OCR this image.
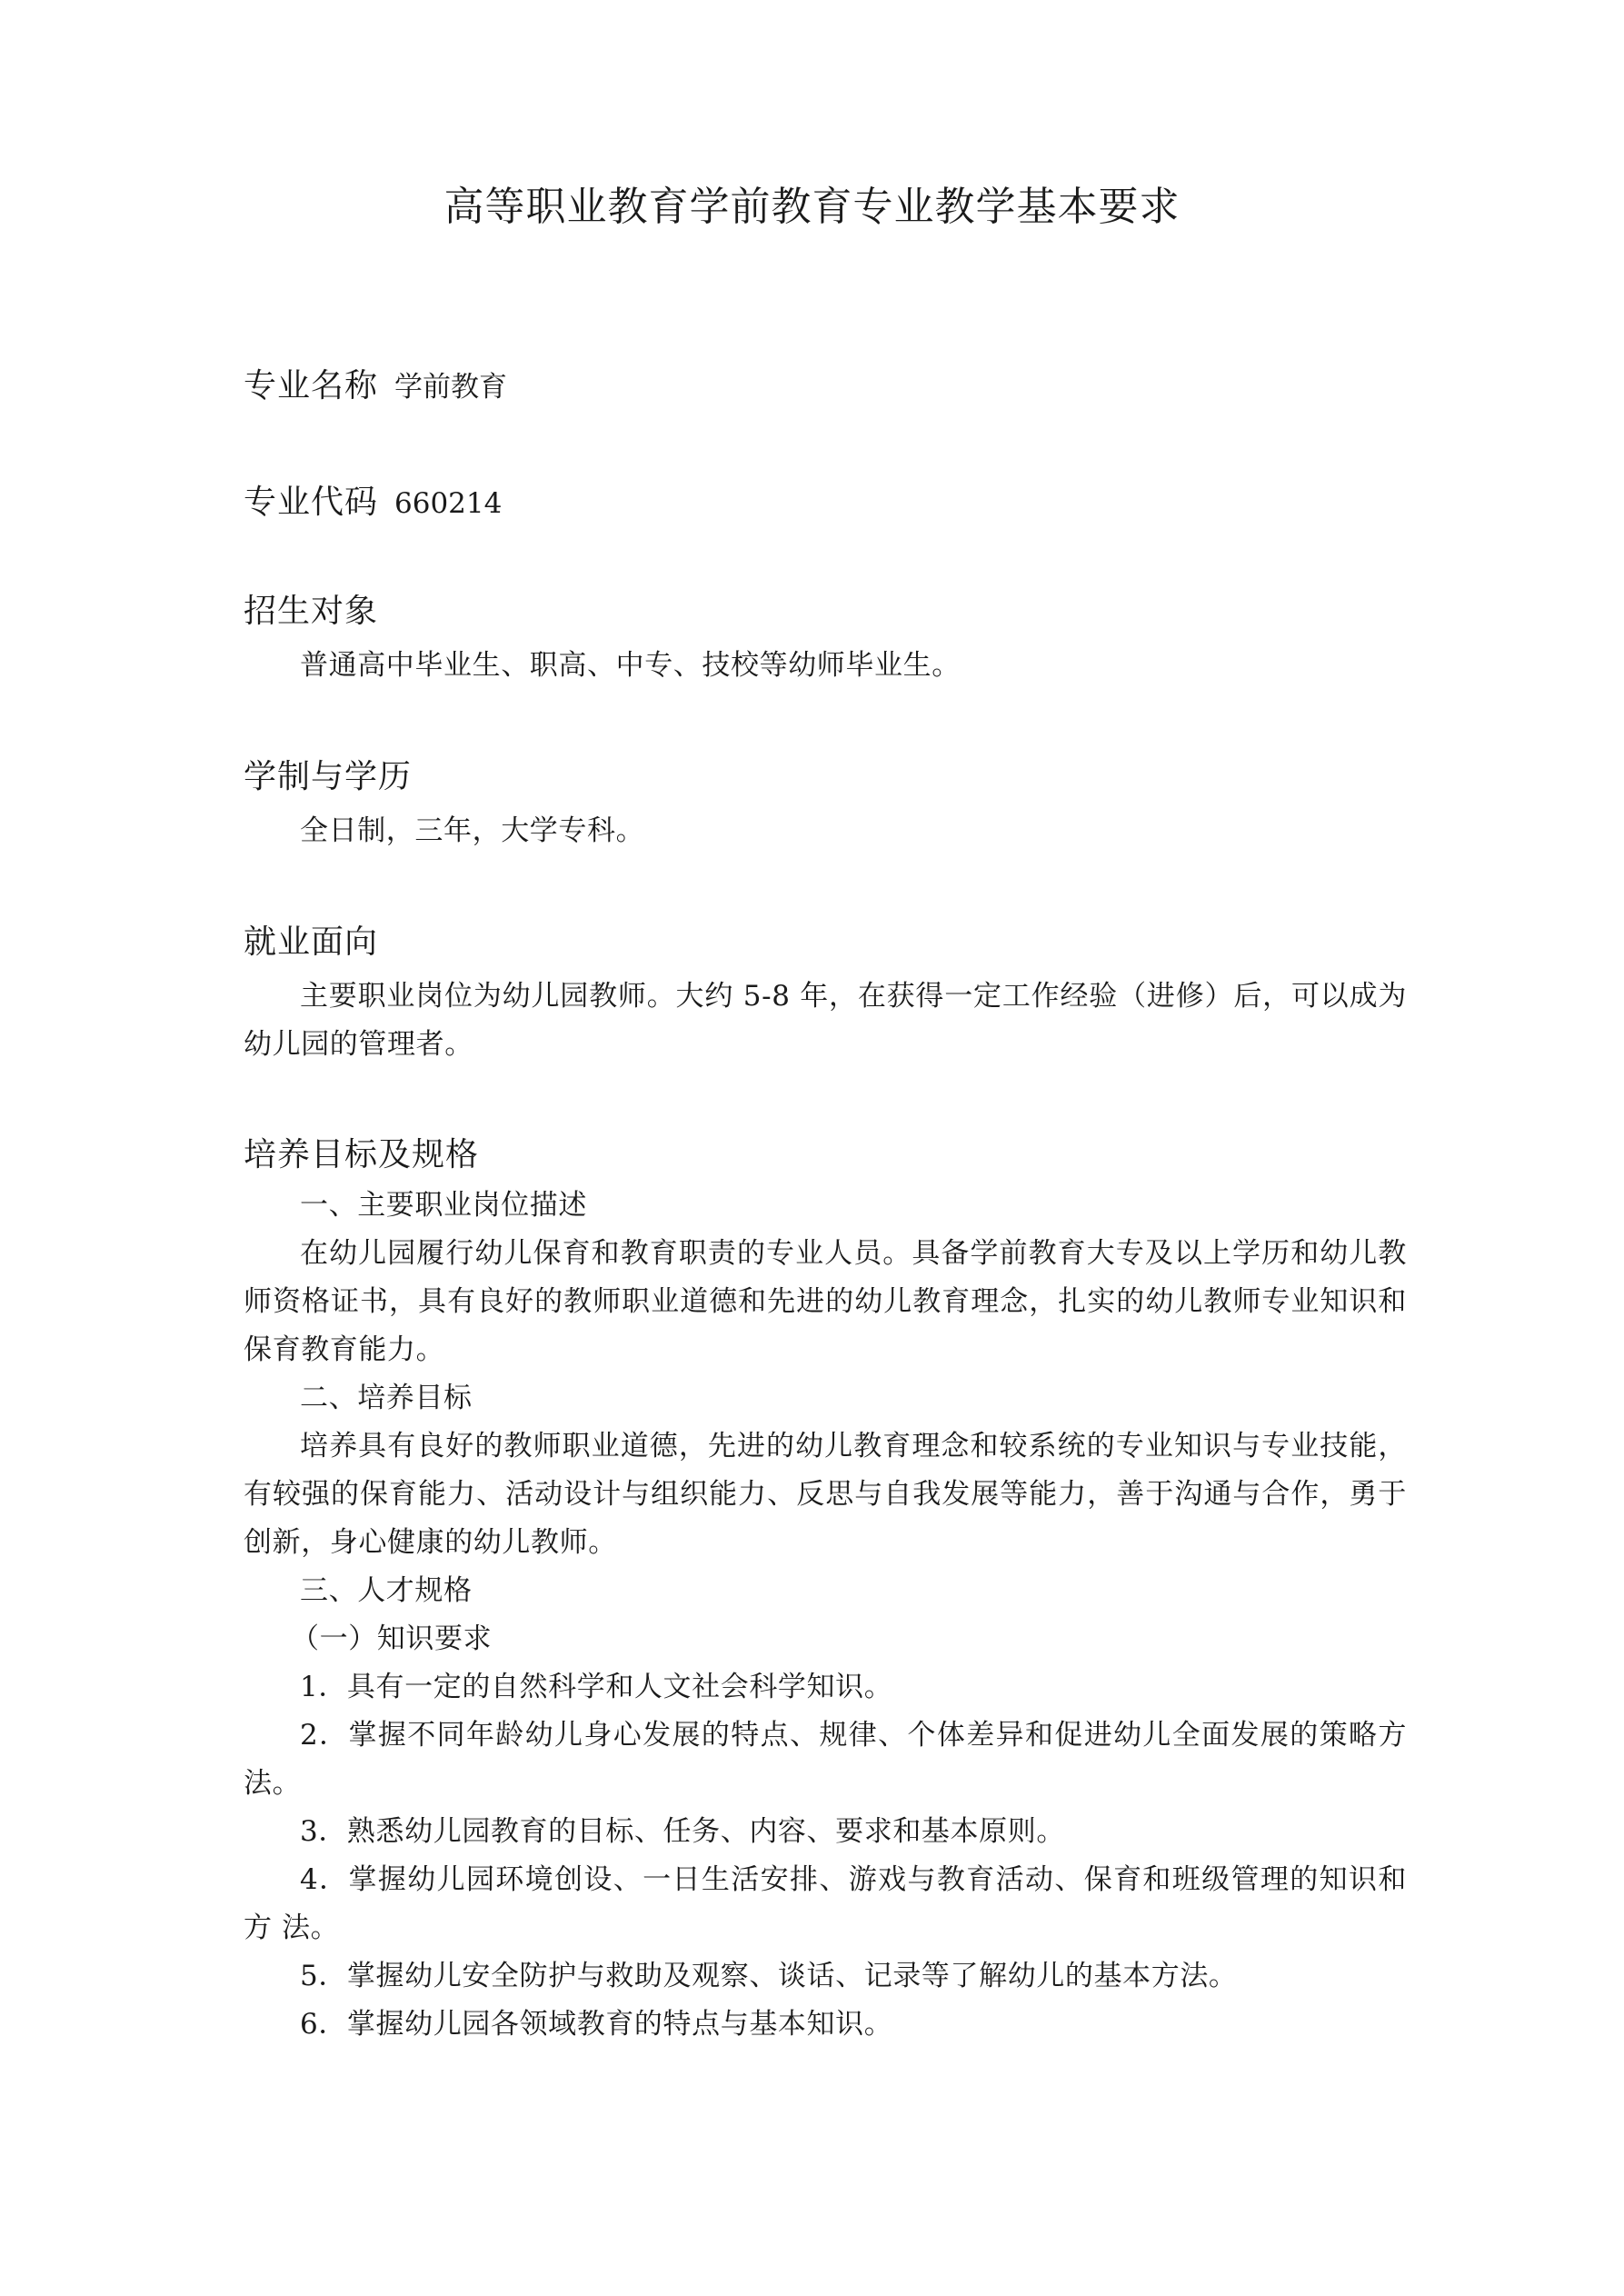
高等职业教育学前教育专业教学基本要求
专业名称 学前教育
专业代码 660214
招生对象
普通高中毕业生、职高、中专、技校等幼师毕业生。
学制与学历
全日制，三年，大学专科。
就业面向
主要职业岗位为幼儿园教师。大约 5-8 年，在获得一定工作经验（进修）后，可以成为幼儿园的管理者。
培养目标及规格
一、主要职业岗位描述
在幼儿园履行幼儿保育和教育职责的专业人员。具备学前教育大专及以上学历和幼儿教师资格证书，具有良好的教师职业道德和先进的幼儿教育理念，扎实的幼儿教师专业知识和保育教育能力。
二、培养目标
培养具有良好的教师职业道德，先进的幼儿教育理念和较系统的专业知识与专业技能，有较强的保育能力、活动设计与组织能力、反思与自我发展等能力，善于沟通与合作，勇于创新，身心健康的幼儿教师。
三、人才规格
（一）知识要求
1．具有一定的自然科学和人文社会科学知识。
2．掌握不同年龄幼儿身心发展的特点、规律、个体差异和促进幼儿全面发展的策略方法。
3．熟悉幼儿园教育的目标、任务、内容、要求和基本原则。
4．掌握幼儿园环境创设、一日生活安排、游戏与教育活动、保育和班级管理的知识和方 法。
5．掌握幼儿安全防护与救助及观察、谈话、记录等了解幼儿的基本方法。
6．掌握幼儿园各领域教育的特点与基本知识。
